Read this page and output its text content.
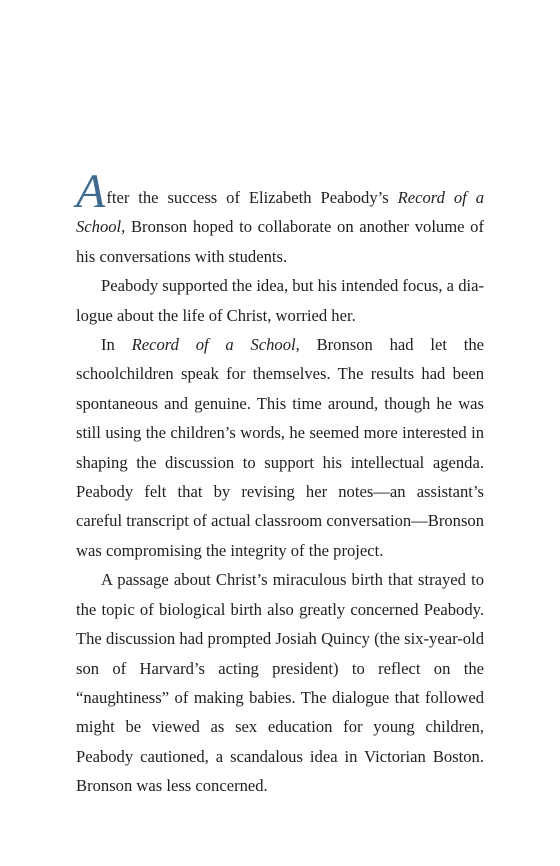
After the success of Elizabeth Peabody’s Record of a School, Bronson hoped to collaborate on another volume of his conversations with students.

Peabody supported the idea, but his intended focus, a dialogue about the life of Christ, worried her.

In Record of a School, Bronson had let the schoolchildren speak for themselves. The results had been spontaneous and genuine. This time around, though he was still using the children’s words, he seemed more interested in shaping the discussion to support his intellectual agenda. Peabody felt that by revising her notes—an assistant’s careful transcript of actual classroom conversation—Bronson was compromising the integrity of the project.

A passage about Christ’s miraculous birth that strayed to the topic of biological birth also greatly concerned Peabody. The discussion had prompted Josiah Quincy (the six-year-old son of Harvard’s acting president) to reflect on the “naughtiness” of making babies. The dialogue that followed might be viewed as sex education for young children, Peabody cautioned, a scandalous idea in Victorian Boston. Bronson was less concerned.
